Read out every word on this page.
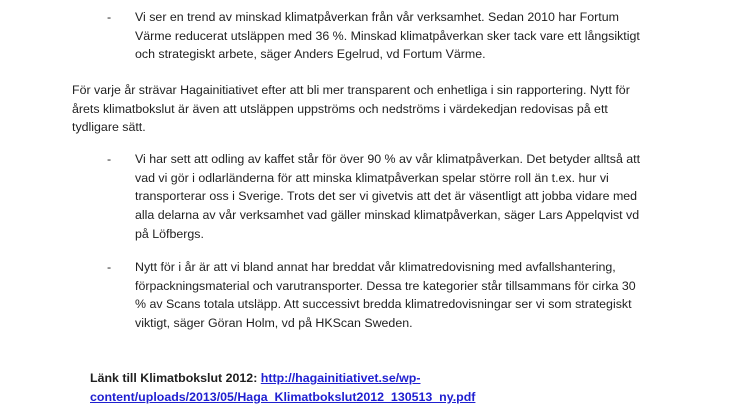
- Vi ser en trend av minskad klimatpåverkan från vår verksamhet. Sedan 2010 har Fortum
Värme reducerat utsläppen med 36 %. Minskad klimatpåverkan sker tack vare ett långsiktigt
och strategiskt arbete, säger Anders Egelrud, vd Fortum Värme.
För varje år strävar Hagainitiativet efter att bli mer transparent och enhetliga i sin rapportering. Nytt för
årets klimatbokslut är även att utsläppen uppströms och nedströms i värdekedjan redovisas på ett
tydligare sätt.
- Vi har sett att odling av kaffet står för över 90 % av vår klimatpåverkan. Det betyder alltså att
vad vi gör i odlarländerna för att minska klimatpåverkan spelar större roll än t.ex. hur vi
transporterar oss i Sverige. Trots det ser vi givetvis att det är väsentligt att jobba vidare med
alla delarna av vår verksamhet vad gäller minskad klimatpåverkan, säger Lars Appelqvist vd
på Löfbergs.
- Nytt för i år är att vi bland annat har breddat vår klimatredovisning med avfallshantering,
förpackningsmaterial och varutransporter. Dessa tre kategorier står tillsammans för cirka 30
% av Scans totala utsläpp. Att successivt bredda klimatredovisningar ser vi som strategiskt
viktigt, säger Göran Holm, vd på HKScan Sweden.
Länk till Klimatbokslut 2012: http://hagainitiativet.se/wp-
content/uploads/2013/05/Haga_Klimatbokslut2012_130513_ny.pdf
